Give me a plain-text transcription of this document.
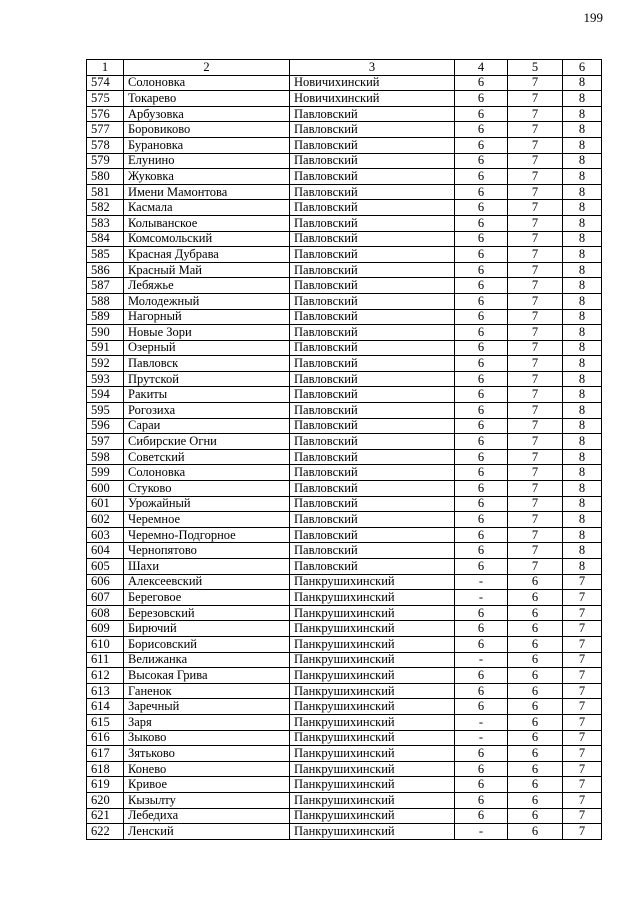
199
1	2	3	4	5	6
574	Солоновка	Новичихинский	6	7	8
575	Токарево	Новичихинский	6	7	8
576	Арбузовка	Павловский	6	7	8
577	Боровиково	Павловский	6	7	8
578	Бурановка	Павловский	6	7	8
579	Елунино	Павловский	6	7	8
580	Жуковка	Павловский	6	7	8
581	Имени Мамонтова	Павловский	6	7	8
582	Касмала	Павловский	6	7	8
583	Колыванское	Павловский	6	7	8
584	Комсомольский	Павловский	6	7	8
585	Красная Дубрава	Павловский	6	7	8
586	Красный Май	Павловский	6	7	8
587	Лебяжье	Павловский	6	7	8
588	Молодежный	Павловский	6	7	8
589	Нагорный	Павловский	6	7	8
590	Новые Зори	Павловский	6	7	8
591	Озерный	Павловский	6	7	8
592	Павловск	Павловский	6	7	8
593	Прутской	Павловский	6	7	8
594	Ракиты	Павловский	6	7	8
595	Рогозиха	Павловский	6	7	8
596	Сараи	Павловский	6	7	8
597	Сибирские Огни	Павловский	6	7	8
598	Советский	Павловский	6	7	8
599	Солоновка	Павловский	6	7	8
600	Стуково	Павловский	6	7	8
601	Урожайный	Павловский	6	7	8
602	Черемное	Павловский	6	7	8
603	Черемно-Подгорное	Павловский	6	7	8
604	Чернопятово	Павловский	6	7	8
605	Шахи	Павловский	6	7	8
606	Алексеевский	Панкрушихинский	-	6	7
607	Береговое	Панкрушихинский	-	6	7
608	Березовский	Панкрушихинский	6	6	7
609	Бирючий	Панкрушихинский	6	6	7
610	Борисовский	Панкрушихинский	6	6	7
611	Велижанка	Панкрушихинский	-	6	7
612	Высокая Грива	Панкрушихинский	6	6	7
613	Ганенок	Панкрушихинский	6	6	7
614	Заречный	Панкрушихинский	6	6	7
615	Заря	Панкрушихинский	-	6	7
616	Зыково	Панкрушихинский	-	6	7
617	Зятьково	Панкрушихинский	6	6	7
618	Конево	Панкрушихинский	6	6	7
619	Кривое	Панкрушихинский	6	6	7
620	Кызылту	Панкрушихинский	6	6	7
621	Лебедиха	Панкрушихинский	6	6	7
622	Ленский	Панкрушихинский	-	6	7
